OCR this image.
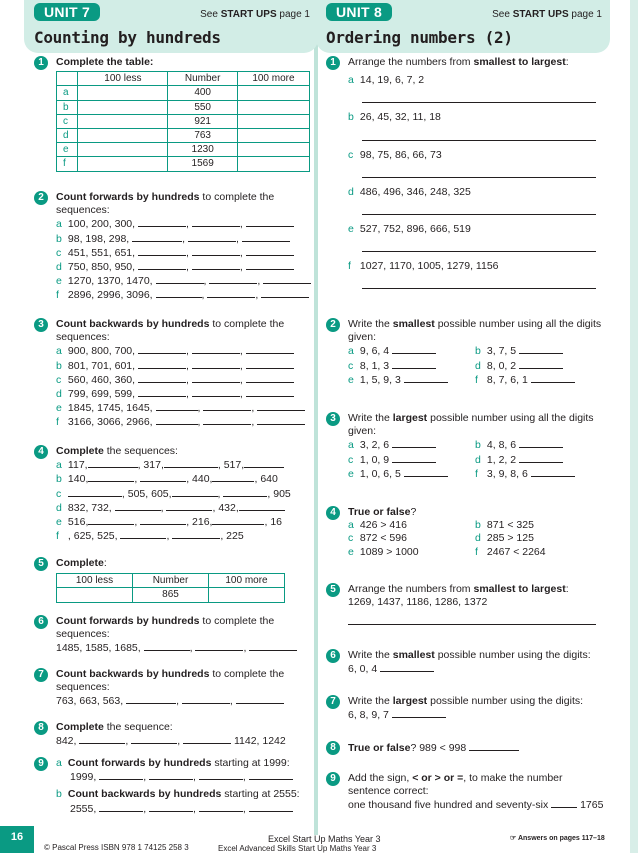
UNIT 7	See START UPS page 1
Counting by hundreds
1	Complete the table:
	100 less	Number	100 more
a		400	
b		550	
c		921	
d		763	
e		1230	
f		1569	
2	Count forwards by hundreds to complete the sequences:
a 100, 200, 300,	,	,
b 98, 198, 298,	,	,
c 451, 551, 651,	,	,
d 750, 850, 950,	,	,
e 1270, 1370, 1470,	,	,
f 2896, 2996, 3096,	,	,
3	Count backwards by hundreds to complete the sequences:
a 900, 800, 700,	,	,
b 801, 701, 601,	,	,
c 560, 460, 360,	,	,
d 799, 699, 599,	,	,
e 1845, 1745, 1645,	,	,
f 3166, 3066, 2966,	,	,
4	Complete the sequences:
a 117,	, 317,	, 517,
b 140,	,	, 440,	, 640
c	, 505, 605,	,	, 905
d 832, 732,	,	, 432,
e 516,	,	, 216,	, 16
f , 625, 525,	,	, 225
5	Complete:
100 less	Number	100 more
	865	
6	Count forwards by hundreds to complete the sequences:
1485, 1585, 1685,	,	,
7	Count backwards by hundreds to complete the sequences:
763, 663, 563,	,	,
8	Complete the sequence:
842,	,	,	1142, 1242
9	a Count forwards by hundreds starting at 1999:
1999,	,	,	,
b Count backwards by hundreds starting at 2555:
2555,	,	,	,
UNIT 8	See START UPS page 1
Ordering numbers (2)
1	Arrange the numbers from smallest to largest:
a 14, 19, 6, 7, 2
b 26, 45, 32, 11, 18
c 98, 75, 86, 66, 73
d 486, 496, 346, 248, 325
e 527, 752, 896, 666, 519
f 1027, 1170, 1005, 1279, 1156
2	Write the smallest possible number using all the digits given:
a 9, 6, 4	b 3, 7, 5
c 8, 1, 3	d 8, 0, 2
e 1, 5, 9, 3	f 8, 7, 6, 1
3	Write the largest possible number using all the digits given:
a 3, 2, 6	b 4, 8, 6
c 1, 0, 9	d 1, 2, 2
e 1, 0, 6, 5	f 3, 9, 8, 6
4	True or false?
a 426 > 416	b 871 < 325
c 872 < 596	d 285 > 125
e 1089 > 1000	f 2467 < 2264
5	Arrange the numbers from smallest to largest:
1269, 1437, 1186, 1286, 1372
6	Write the smallest possible number using the digits:
6, 0, 4
7	Write the largest possible number using the digits:
6, 8, 9, 7
8	True or false? 989 < 998
9	Add the sign, < or > or =, to make the number sentence correct:
one thousand five hundred and seventy-six	1765
16
© Pascal Press ISBN 978 1 74125 258 3
Excel Start Up Maths Year 3
Excel Advanced Skills Start Up Maths Year 3
☞ Answers on pages 117–18
